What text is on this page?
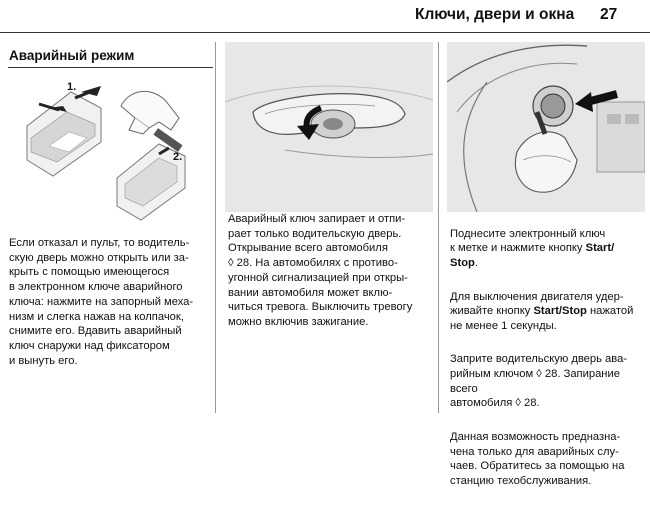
Ключи, двери и окна 27
Аварийный режим
1.
2.
Если отказал и пульт, то водитель-
скую дверь можно открыть или за-
крыть с помощью имеющегося
в электронном ключе аварийного
ключа: нажмите на запорный меха-
низм и слегка нажав на колпачок,
снимите его. Вдавить аварийный
ключ снаружи над фиксатором
и вынуть его.
Аварийный ключ запирает и отпи-
рает только водительскую дверь.
Открывание всего автомобиля
◊ 28. На автомобилях с противо-
угонной сигнализацией при откры-
вании автомобиля может вклю-
читься тревога. Выключить тревогу
можно включив зажигание.

Поднесите электронный ключ
к метке и нажмите кнопку Start/
Stop.

Для выключения двигателя удер-
живайте кнопку Start/Stop нажатой
не менее 1 секунды.

Заприте водительскую дверь ава-
рийным ключом ◊ 28. Запирание всего
автомобиля ◊ 28.

Данная возможность предназна-
чена только для аварийных слу-
чаев. Обратитесь за помощью на
станцию техобслуживания.
